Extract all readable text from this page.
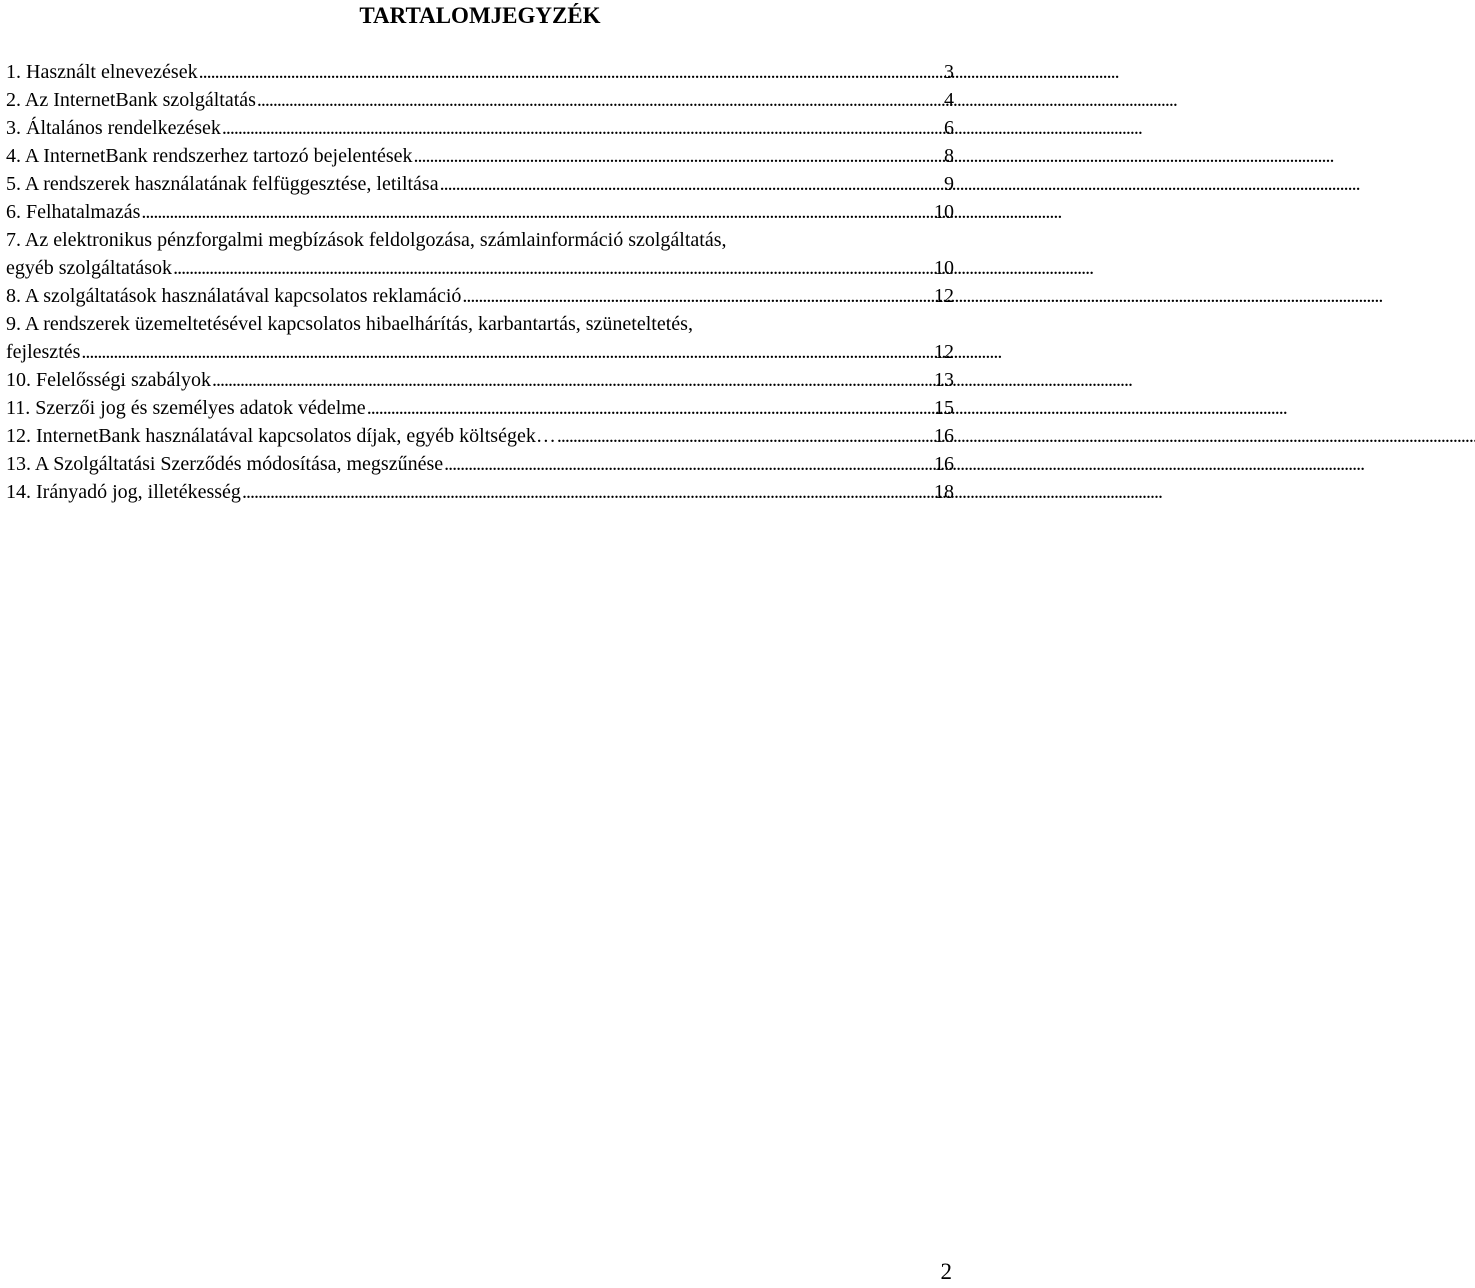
TARTALOMJEGYZÉK
1. Használt elnevezések . . .	3
2. Az InternetBank szolgáltatás . . .	4
3. Általános rendelkezések . . .	6
4. A InternetBank rendszerhez tartozó bejelentések . . .	8
5. A rendszerek használatának felfüggesztése, letiltása . . .	9
6. Felhatalmazás . . .	10
7. Az elektronikus pénzforgalmi megbízások feldolgozása, számlainformáció szolgáltatás,
egyéb szolgáltatások . . .	10
8. A szolgáltatások használatával kapcsolatos reklamáció . . .	12
9. A rendszerek üzemeltetésével kapcsolatos hibaelhárítás, karbantartás, szüneteltetés,
fejlesztés . . .	12
10. Felelősségi szabályok . . .	13
11. Szerzői jog és személyes adatok védelme . . .	15
12. InternetBank használatával kapcsolatos díjak, egyéb költségek… . . .	16
13. A Szolgáltatási Szerződés módosítása, megszűnése . . .	16
14. Irányadó jog, illetékesség . . .	18
2
